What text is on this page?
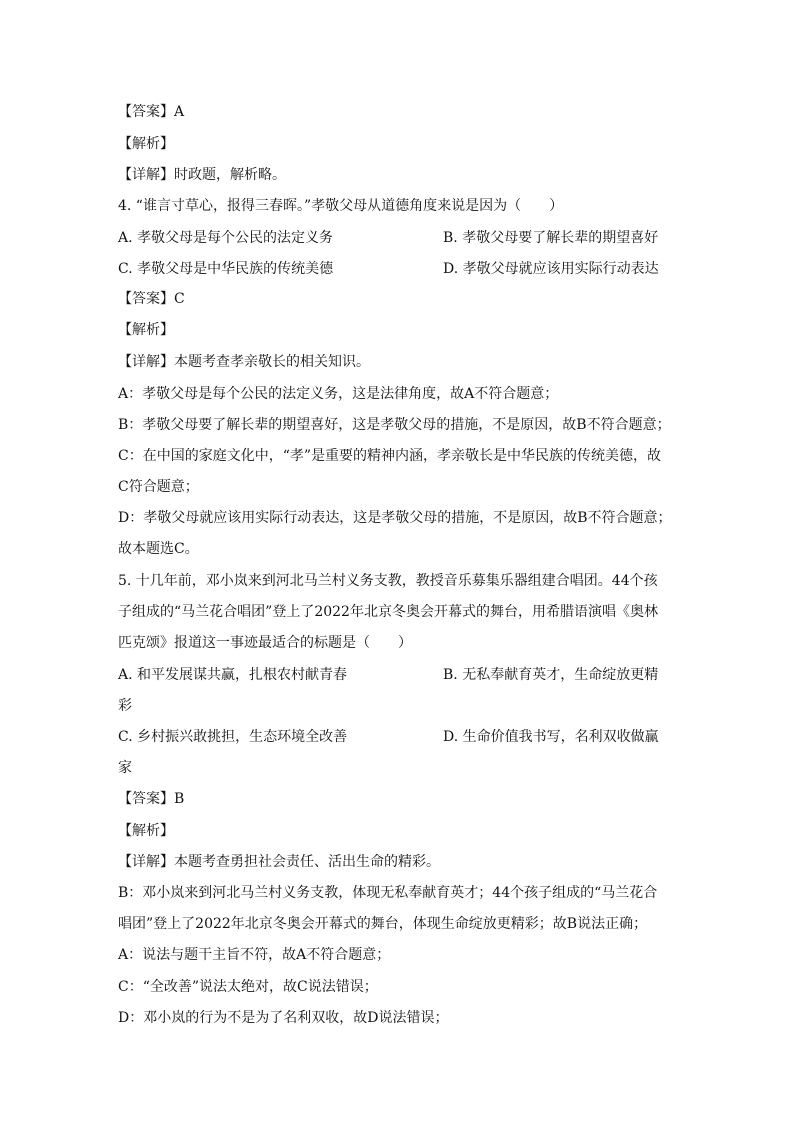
【答案】A
【解析】
【详解】时政题，解析略。
4. “谁言寸草心，报得三春晖。”孝敬父母从道德角度来说是因为（　　）
A. 孝敬父母是每个公民的法定义务	B. 孝敬父母要了解长辈的期望喜好
C. 孝敬父母是中华民族的传统美德	D. 孝敬父母就应该用实际行动表达
【答案】C
【解析】
【详解】本题考查孝亲敬长的相关知识。
A：孝敬父母是每个公民的法定义务，这是法律角度，故A不符合题意；
B：孝敬父母要了解长辈的期望喜好，这是孝敬父母的措施，不是原因，故B不符合题意；
C：在中国的家庭文化中，“孝”是重要的精神内涵，孝亲敬长是中华民族的传统美德，故
C符合题意；
D：孝敬父母就应该用实际行动表达，这是孝敬父母的措施，不是原因，故B不符合题意；
故本题选C。
5. 十几年前，邓小岚来到河北马兰村义务支教，教授音乐募集乐器组建合唱团。44个孩
子组成的“马兰花合唱团”登上了2022年北京冬奥会开幕式的舞台，用希腊语演唱《奥林
匹克颂》报道这一事迹最适合的标题是（　　）
A. 和平发展谋共赢，扎根农村献青春	B. 无私奉献育英才，生命绽放更精
彩
C. 乡村振兴敢挑担，生态环境全改善	D. 生命价值我书写，名利双收做赢
家
【答案】B
【解析】
【详解】本题考查勇担社会责任、活出生命的精彩。
B：邓小岚来到河北马兰村义务支教，体现无私奉献育英才；44个孩子组成的“马兰花合
唱团”登上了2022年北京冬奥会开幕式的舞台，体现生命绽放更精彩；故B说法正确；
A：说法与题干主旨不符，故A不符合题意；
C：“全改善”说法太绝对，故C说法错误；
D：邓小岚的行为不是为了名利双收，故D说法错误；
